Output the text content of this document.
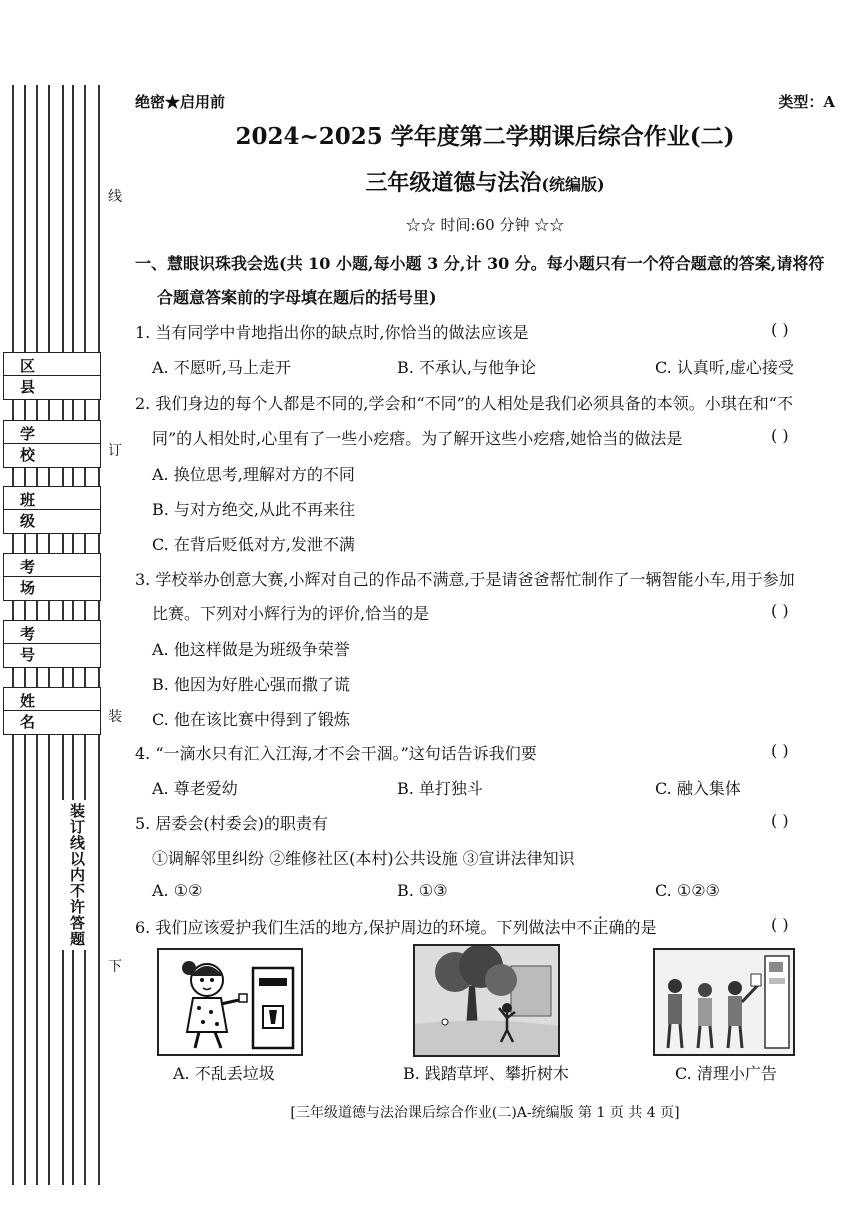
线
订
装
下
区县
学校
班级
考场
考号
姓名
装订线以内不许答题
绝密★启用前	类型：A
2024~2025 学年度第二学期课后综合作业(二)
三年级道德与法治(统编版)
☆☆ 时间:60 分钟 ☆☆
一、慧眼识珠我会选(共 10 小题,每小题 3 分,计 30 分。每小题只有一个符合题意的答案,请将符
合题意答案前的字母填在题后的括号里)
1. 当有同学中肯地指出你的缺点时,你恰当的做法应该是	( )
A. 不愿听,马上走开	B. 不承认,与他争论	C. 认真听,虚心接受
2. 我们身边的每个人都是不同的,学会和“不同”的人相处是我们必须具备的本领。小琪在和“不
同”的人相处时,心里有了一些小疙瘩。为了解开这些小疙瘩,她恰当的做法是	( )
A. 换位思考,理解对方的不同
B. 与对方绝交,从此不再来往
C. 在背后贬低对方,发泄不满
3. 学校举办创意大赛,小辉对自己的作品不满意,于是请爸爸帮忙制作了一辆智能小车,用于参加
比赛。下列对小辉行为的评价,恰当的是	( )
A. 他这样做是为班级争荣誉
B. 他因为好胜心强而撒了谎
C. 他在该比赛中得到了锻炼
4. “一滴水只有汇入江海,才不会干涸。”这句话告诉我们要	( )
A. 尊老爱幼	B. 单打独斗	C. 融入集体
5. 居委会(村委会)的职责有	( )
①调解邻里纠纷 ②维修社区(本村)公共设施 ③宣讲法律知识
A. ①②	B. ①③	C. ①②③
6. 我们应该爱护我们生活的地方,保护周边的环境。下列做法中不正确的是	( )
A. 不乱丢垃圾	B. 践踏草坪、攀折树木	C. 清理小广告
[三年级道德与法治课后综合作业(二)A-统编版 第 1 页 共 4 页]
